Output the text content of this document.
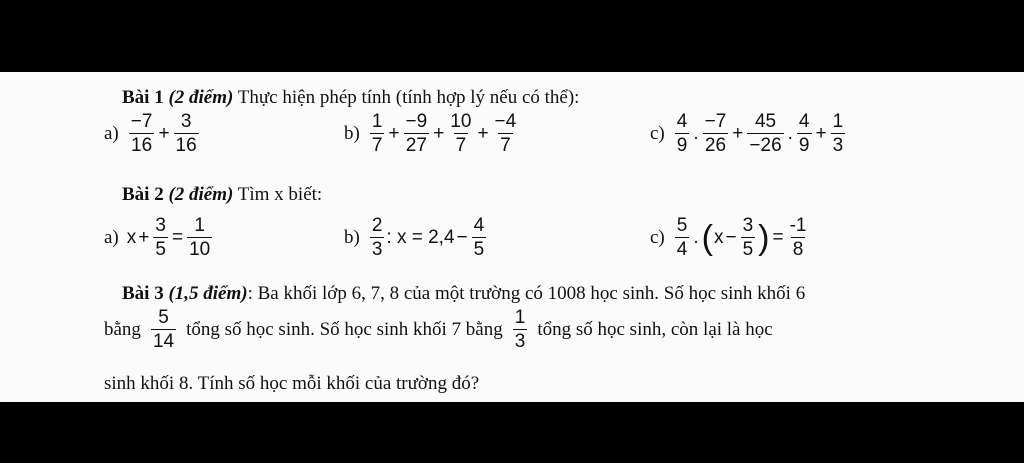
Bài 1 (2 điểm) Thực hiện phép tính (tính hợp lý nếu có thể):
$a) \frac{-7}{16} + \frac{3}{16}$	$b) \frac{1}{7} + \frac{-9}{27} + \frac{10}{7} + \frac{-4}{7}$	$c) \frac{4}{9}$ . $\frac{-7}{26} + \frac{45}{-26}$ . $\frac{4}{9} + \frac{1}{3}$
Bài 2 (2 điểm) Tìm x biết:
a) $x + \frac{3}{5} = \frac{1}{10}$	$b) \frac{2}{3}$ : $x = 2,4 - \frac{4}{5}$	$c) \frac{5}{4}$ . ( $x - \frac{3}{5}$ ) = $\frac{-1}{8}$
Bài 3 (1,5 điểm): Ba khối lớp 6, 7, 8 của một trường có 1008 học sinh. Số học sinh khối 6
bằng $\frac{5}{14}$ tổng số học sinh. Số học sinh khối 7 bằng $\frac{1}{3}$ tổng số học sinh, còn lại là học
sinh khối 8. Tính số học mỗi khối của trường đó?
